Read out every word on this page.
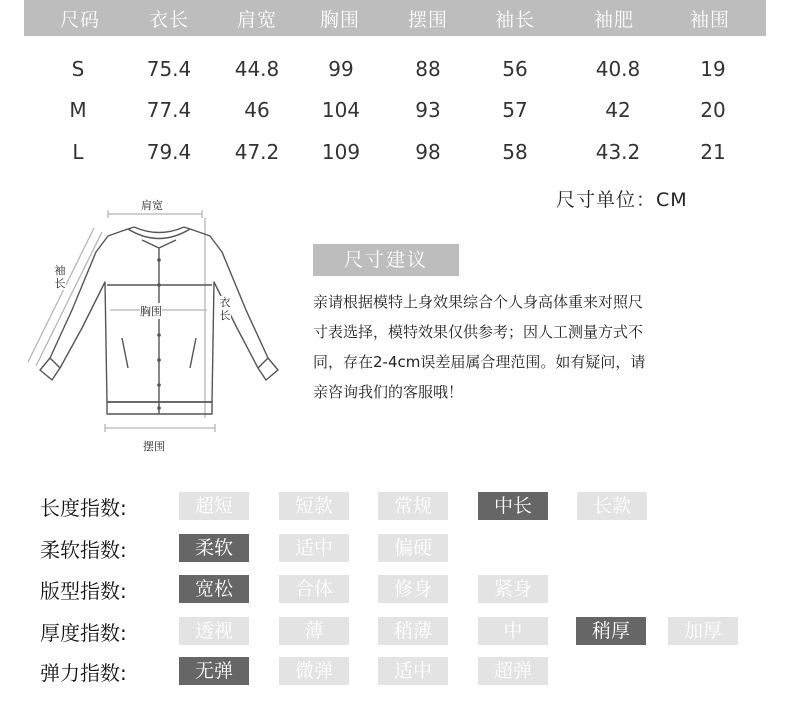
尺码	衣长	肩宽 胸围	摆围 袖长	袖肥	袖围
S	75.4 44.8 99	88	56	40.8	19
M	77.4	46	104	93	57	42	20
L	79.4 47.2 109	98	58	43.2	21
尺寸单位：CM
肩宽
袖长
胸围
衣长
摆围
尺寸建议
亲请根据模特上身效果综合个人身高体重来对照尺
寸表选择，模特效果仅供参考；因人工测量方式不
同，存在2-4cm误差届属合理范围。如有疑问，请
亲咨询我们的客服哦！
长度指数:	超短	短款	常规	中长	长款
柔软指数:	柔软	适中	偏硬
版型指数:	宽松	合体	修身	紧身
厚度指数:	透视	薄	稍薄	中	稍厚	加厚
弹力指数:	无弹	微弹	适中	超弹
